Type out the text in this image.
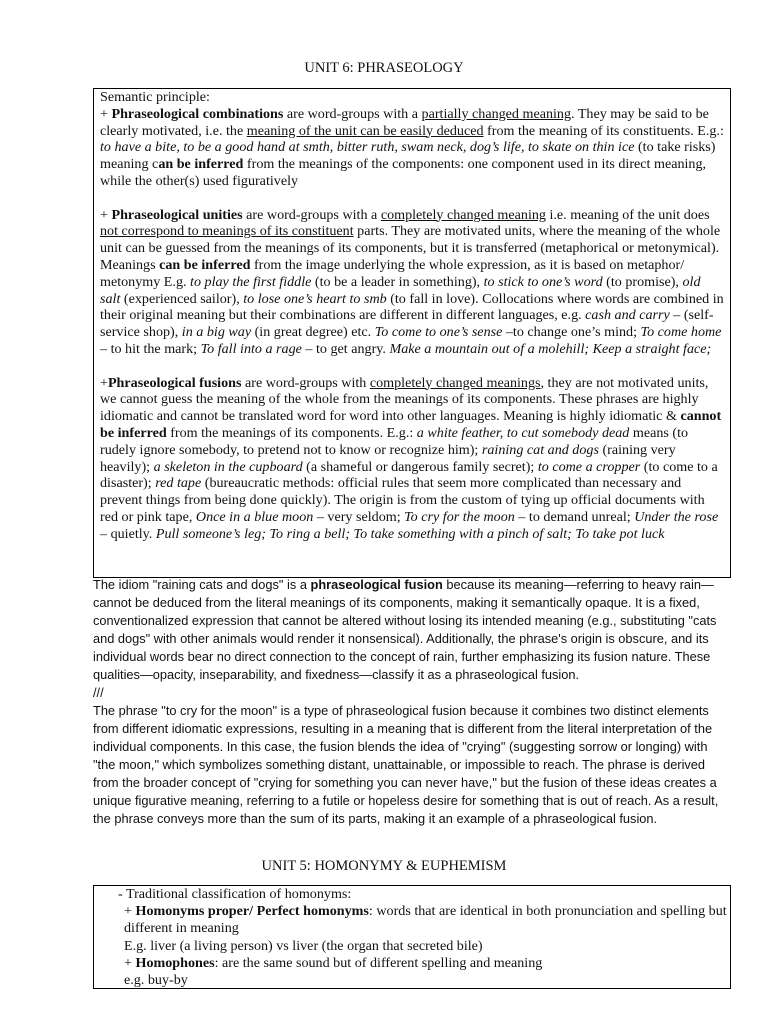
UNIT 6: PHRASEOLOGY

Semantic principle:

+ Phraseological combinations are word-groups with a partially changed meaning. They may be said to be clearly motivated, i.e. the meaning of the unit can be easily deduced from the meaning of its constituents. E.g.: to have a bite, to be a good hand at smth, bitter ruth, swam neck, dog’s life, to skate on thin ice (to take risks) meaning can be inferred from the meanings of the components: one component used in its direct meaning, while the other(s) used figuratively

+ Phraseological unities are word-groups with a completely changed meaning i.e. meaning of the unit does not correspond to meanings of its constituent parts. They are motivated units, where the meaning of the whole unit can be guessed from the meanings of its components, but it is transferred (metaphorical or metonymical). Meanings can be inferred from the image underlying the whole expression, as it is based on metaphor/ metonymy E.g. to play the first fiddle (to be a leader in something), to stick to one’s word (to promise), old salt (experienced sailor), to lose one’s heart to smb (to fall in love). Collocations where words are combined in their original meaning but their combinations are different in different languages, e.g. cash and carry – (self-service shop), in a big way (in great degree) etc. To come to one’s sense –to change one’s mind; To come home – to hit the mark; To fall into a rage – to get angry. Make a mountain out of a molehill; Keep a straight face;

+Phraseological fusions are word-groups with completely changed meanings, they are not motivated units, we cannot guess the meaning of the whole from the meanings of its components. These phrases are highly idiomatic and cannot be translated word for word into other languages. Meaning is highly idiomatic & cannot be inferred from the meanings of its components. E.g.: a white feather, to cut somebody dead means (to rudely ignore somebody, to pretend not to know or recognize him); raining cat and dogs (raining very heavily); a skeleton in the cupboard (a shameful or dangerous family secret); to come a cropper (to come to a disaster); red tape (bureaucratic methods: official rules that seem more complicated than necessary and prevent things from being done quickly). The origin is from the custom of tying up official documents with red or pink tape, Once in a blue moon – very seldom; To cry for the moon – to demand unreal; Under the rose – quietly. Pull someone’s leg; To ring a bell; To take something with a pinch of salt; To take pot luck

The idiom "raining cats and dogs" is a phraseological fusion because its meaning—referring to heavy rain—cannot be deduced from the literal meanings of its components, making it semantically opaque. It is a fixed, conventionalized expression that cannot be altered without losing its intended meaning (e.g., substituting "cats and dogs" with other animals would render it nonsensical). Additionally, the phrase's origin is obscure, and its individual words bear no direct connection to the concept of rain, further emphasizing its fusion nature. These qualities—opacity, inseparability, and fixedness—classify it as a phraseological fusion.

///

The phrase "to cry for the moon" is a type of phraseological fusion because it combines two distinct elements from different idiomatic expressions, resulting in a meaning that is different from the literal interpretation of the individual components. In this case, the fusion blends the idea of "crying" (suggesting sorrow or longing) with "the moon," which symbolizes something distant, unattainable, or impossible to reach. The phrase is derived from the broader concept of "crying for something you can never have," but the fusion of these ideas creates a unique figurative meaning, referring to a futile or hopeless desire for something that is out of reach. As a result, the phrase conveys more than the sum of its parts, making it an example of a phraseological fusion.

UNIT 5: HOMONYMY & EUPHEMISM

- Traditional classification of homonyms:

+ Homonyms proper/ Perfect homonyms: words that are identical in both pronunciation and spelling but different in meaning

E.g. liver (a living person) vs liver (the organ that secreted bile)

+ Homophones: are the same sound but of different spelling and meaning

e.g. buy-by
